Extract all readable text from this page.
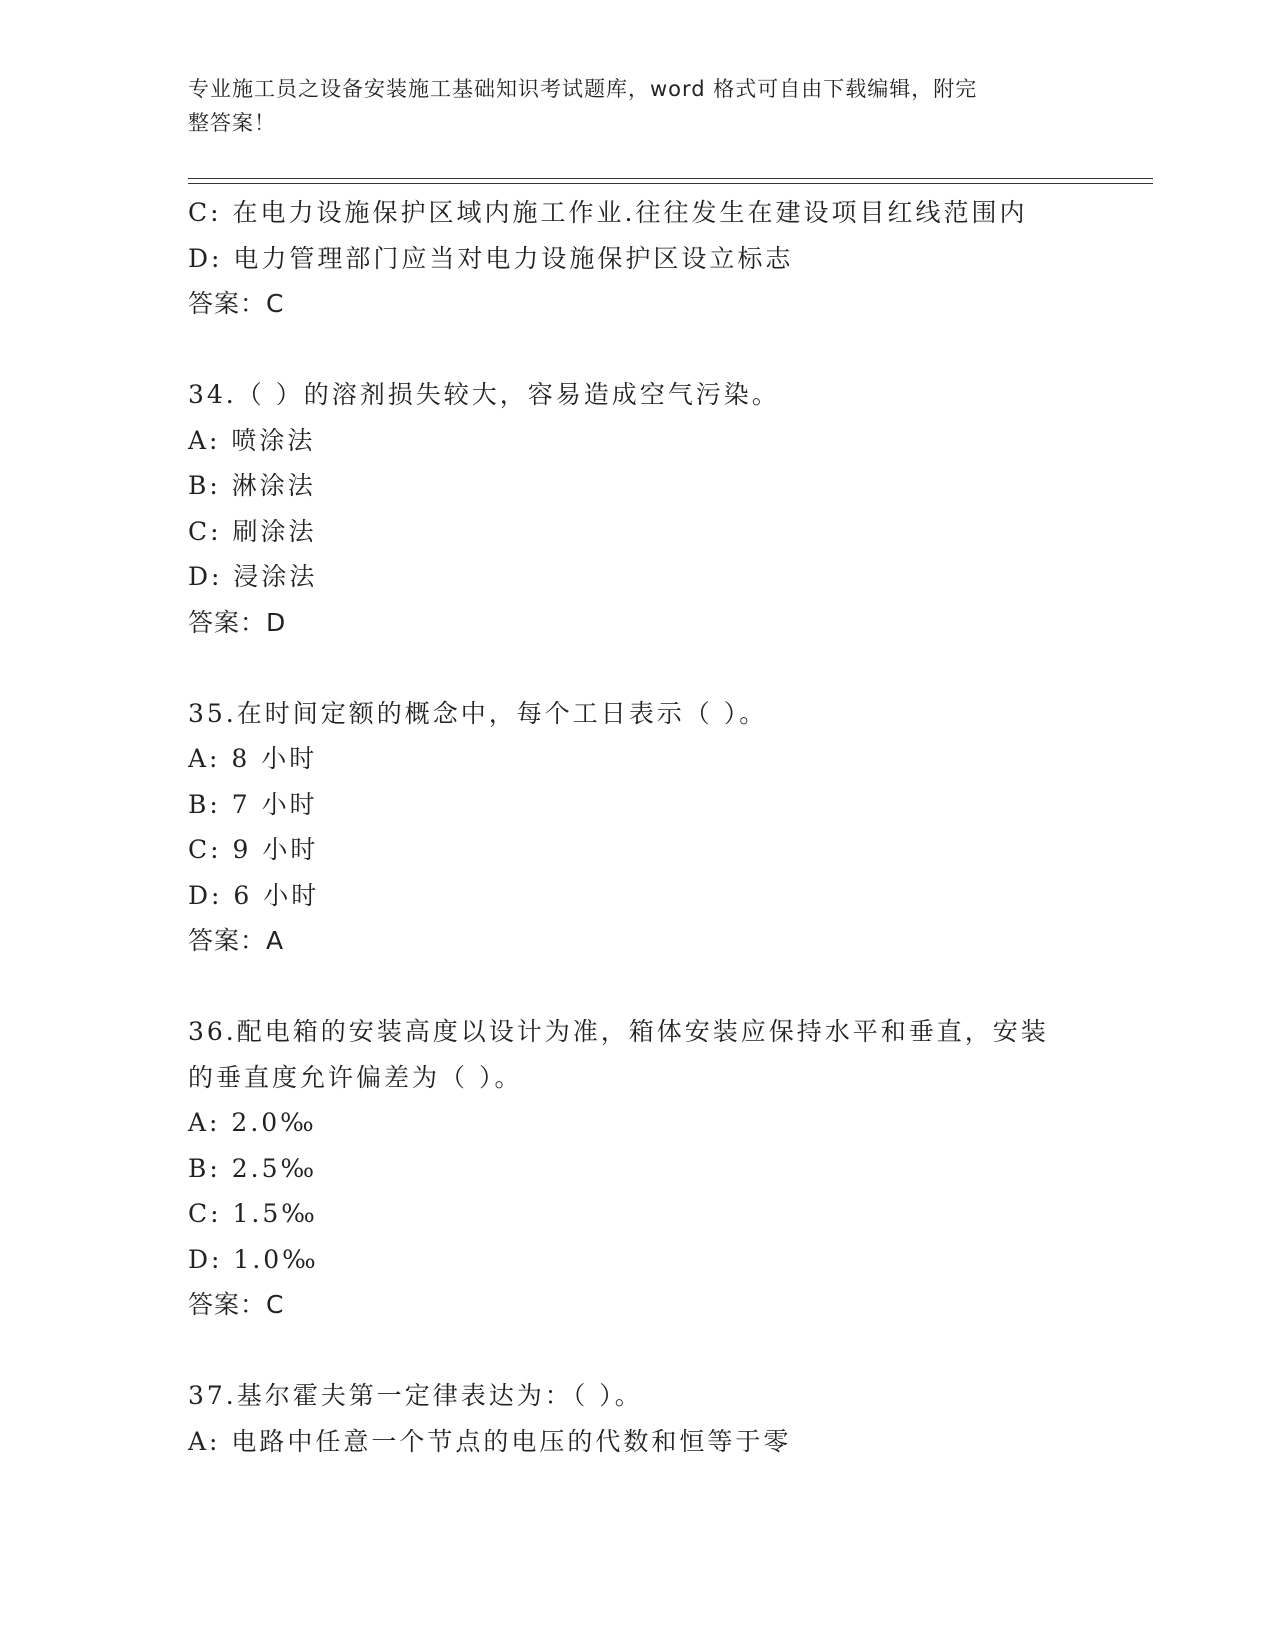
专业施工员之设备安装施工基础知识考试题库，word 格式可自由下载编辑，附完
整答案！
C: 在电力设施保护区域内施工作业.往往发生在建设项目红线范围内
D: 电力管理部门应当对电力设施保护区设立标志
答案：C
34.（ ）的溶剂损失较大，容易造成空气污染。
A: 喷涂法
B: 淋涂法
C: 刷涂法
D: 浸涂法
答案：D
35.在时间定额的概念中，每个工日表示（ ）。
A: 8 小时
B: 7 小时
C: 9 小时
D: 6 小时
答案：A
36.配电箱的安装高度以设计为准，箱体安装应保持水平和垂直，安装
的垂直度允许偏差为（ ）。
A: 2.0‰
B: 2.5‰
C: 1.5‰
D: 1.0‰
答案：C
37.基尔霍夫第一定律表达为：（ ）。
A: 电路中任意一个节点的电压的代数和恒等于零
